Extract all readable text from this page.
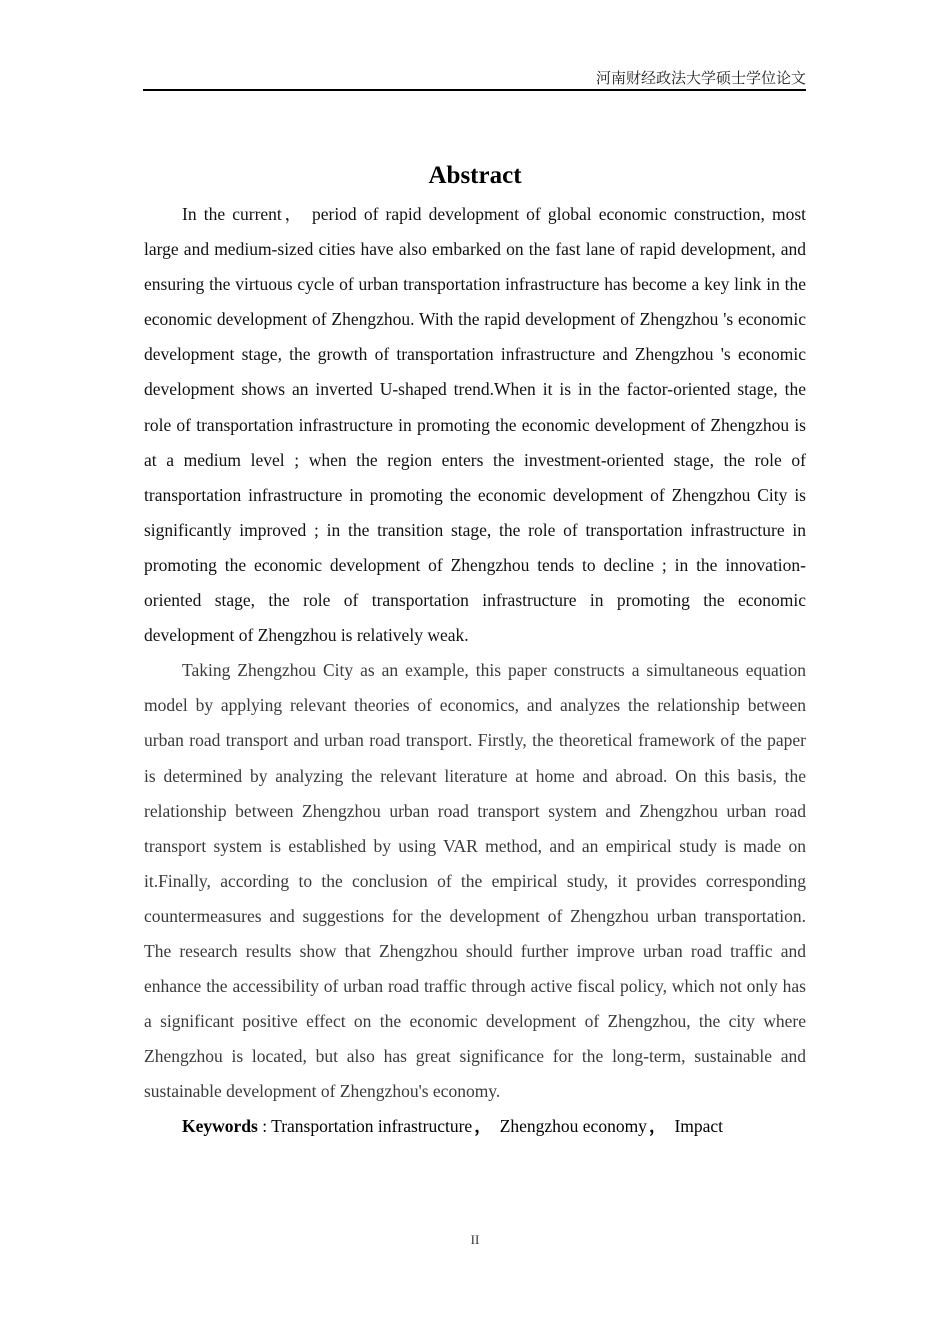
河南财经政法大学硕士学位论文
Abstract

In the current， period of rapid development of global economic construction, most large and medium-sized cities have also embarked on the fast lane of rapid development, and ensuring the virtuous cycle of urban transportation infrastructure has become a key link in the economic development of Zhengzhou. With the rapid development of Zhengzhou 's economic development stage, the growth of transportation infrastructure and Zhengzhou 's economic development shows an inverted U-shaped trend.When it is in the factor-oriented stage, the role of transportation infrastructure in promoting the economic development of Zhengzhou is at a medium level ; when the region enters the investment-oriented stage, the role of transportation infrastructure in promoting the economic development of Zhengzhou City is significantly improved ; in the transition stage, the role of transportation infrastructure in promoting the economic development of Zhengzhou tends to decline ; in the innovation-oriented stage, the role of transportation infrastructure in promoting the economic development of Zhengzhou is relatively weak.

Taking Zhengzhou City as an example, this paper constructs a simultaneous equation model by applying relevant theories of economics, and analyzes the relationship between urban road transport and urban road transport. Firstly, the theoretical framework of the paper is determined by analyzing the relevant literature at home and abroad. On this basis, the relationship between Zhengzhou urban road transport system and Zhengzhou urban road transport system is established by using VAR method, and an empirical study is made on it.Finally, according to the conclusion of the empirical study, it provides corresponding countermeasures and suggestions for the development of Zhengzhou urban transportation. The research results show that Zhengzhou should further improve urban road traffic and enhance the accessibility of urban road traffic through active fiscal policy, which not only has a significant positive effect on the economic development of Zhengzhou, the city where Zhengzhou is located, but also has great significance for the long-term, sustainable and sustainable development of Zhengzhou's economy.

Keywords : Transportation infrastructure ， Zhengzhou economy ， Impact

II
